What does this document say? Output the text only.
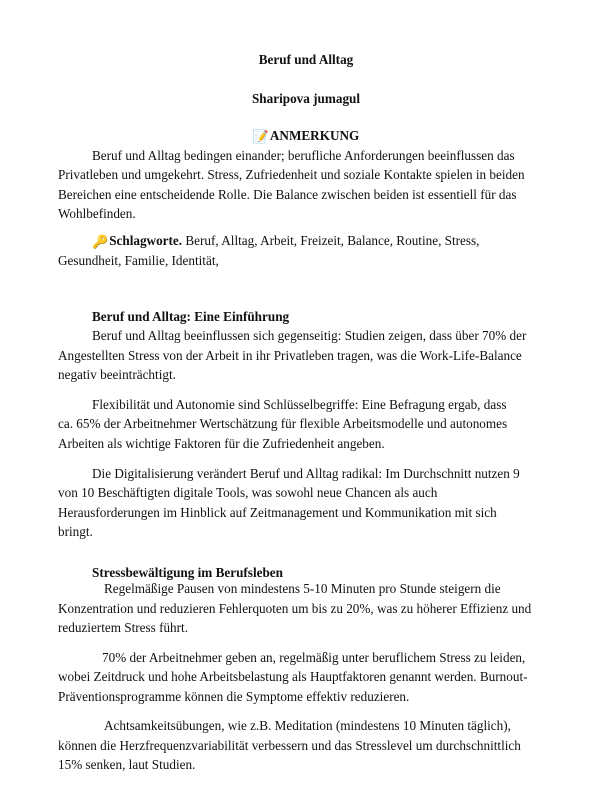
Beruf und Alltag

Sharipova jumagul

📝ANMERKUNG

Beruf und Alltag bedingen einander; berufliche Anforderungen beeinflussen das

Privatleben und umgekehrt. Stress, Zufriedenheit und soziale Kontakte spielen in beiden

Bereichen eine entscheidende Rolle. Die Balance zwischen beiden ist essentiell für das

Wohlbefinden.

🔑Schlagworte. Beruf, Alltag, Arbeit, Freizeit, Balance, Routine, Stress,

Gesundheit, Familie, Identität,

Beruf und Alltag: Eine Einführung

Beruf und Alltag beeinflussen sich gegenseitig: Studien zeigen, dass über 70% der

Angestellten Stress von der Arbeit in ihr Privatleben tragen, was die Work-Life-Balance

negativ beeinträchtigt.

Flexibilität und Autonomie sind Schlüsselbegriffe: Eine Befragung ergab, dass

ca. 65% der Arbeitnehmer Wertschätzung für flexible Arbeitsmodelle und autonomes

Arbeiten als wichtige Faktoren für die Zufriedenheit angeben.

Die Digitalisierung verändert Beruf und Alltag radikal: Im Durchschnitt nutzen 9

von 10 Beschäftigten digitale Tools, was sowohl neue Chancen als auch

Herausforderungen im Hinblick auf Zeitmanagement und Kommunikation mit sich

bringt.

Stressbewältigung im Berufsleben

Regelmäßige Pausen von mindestens 5-10 Minuten pro Stunde steigern die

Konzentration und reduzieren Fehlerquoten um bis zu 20%, was zu höherer Effizienz und

reduziertem Stress führt.

70% der Arbeitnehmer geben an, regelmäßig unter beruflichem Stress zu leiden,

wobei Zeitdruck und hohe Arbeitsbelastung als Hauptfaktoren genannt werden. Burnout-

Präventionsprogramme können die Symptome effektiv reduzieren.

Achtsamkeitsübungen, wie z.B. Meditation (mindestens 10 Minuten täglich),

können die Herzfrequenzvariabilität verbessern und das Stresslevel um durchschnittlich

15% senken, laut Studien.
